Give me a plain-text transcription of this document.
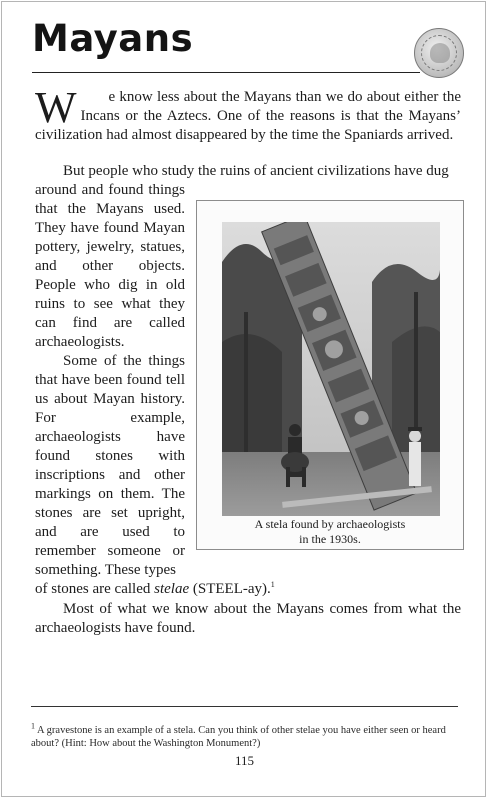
Mayans

W e know less about the Mayans than we do about either the Incans or the Aztecs. One of the reasons is that the Mayans’ civilization had almost disappeared by the time the Spaniards arrived.

But people who study the ruins of ancient civilizations have dug

around and found things that the Mayans used. They have found Mayan pottery, jewelry, statues, and other objects. People who dig in old ruins to see what they can find are called archaeologists.

Some of the things that have been found tell us about Mayan history. For example, archaeologists have found stones with inscriptions and other markings on them. The stones are set upright, and are used to remember someone or something. These types

of stones are called stelae (STEEL-ay).$^1$

Most of what we know about the Mayans comes from what the archaeologists have found.

A stela found by archaeologists
in the 1930s.

$^1$ A gravestone is an example of a stela. Can you think of other stelae you have either seen or heard about? (Hint: How about the Washington Monument?)

115
